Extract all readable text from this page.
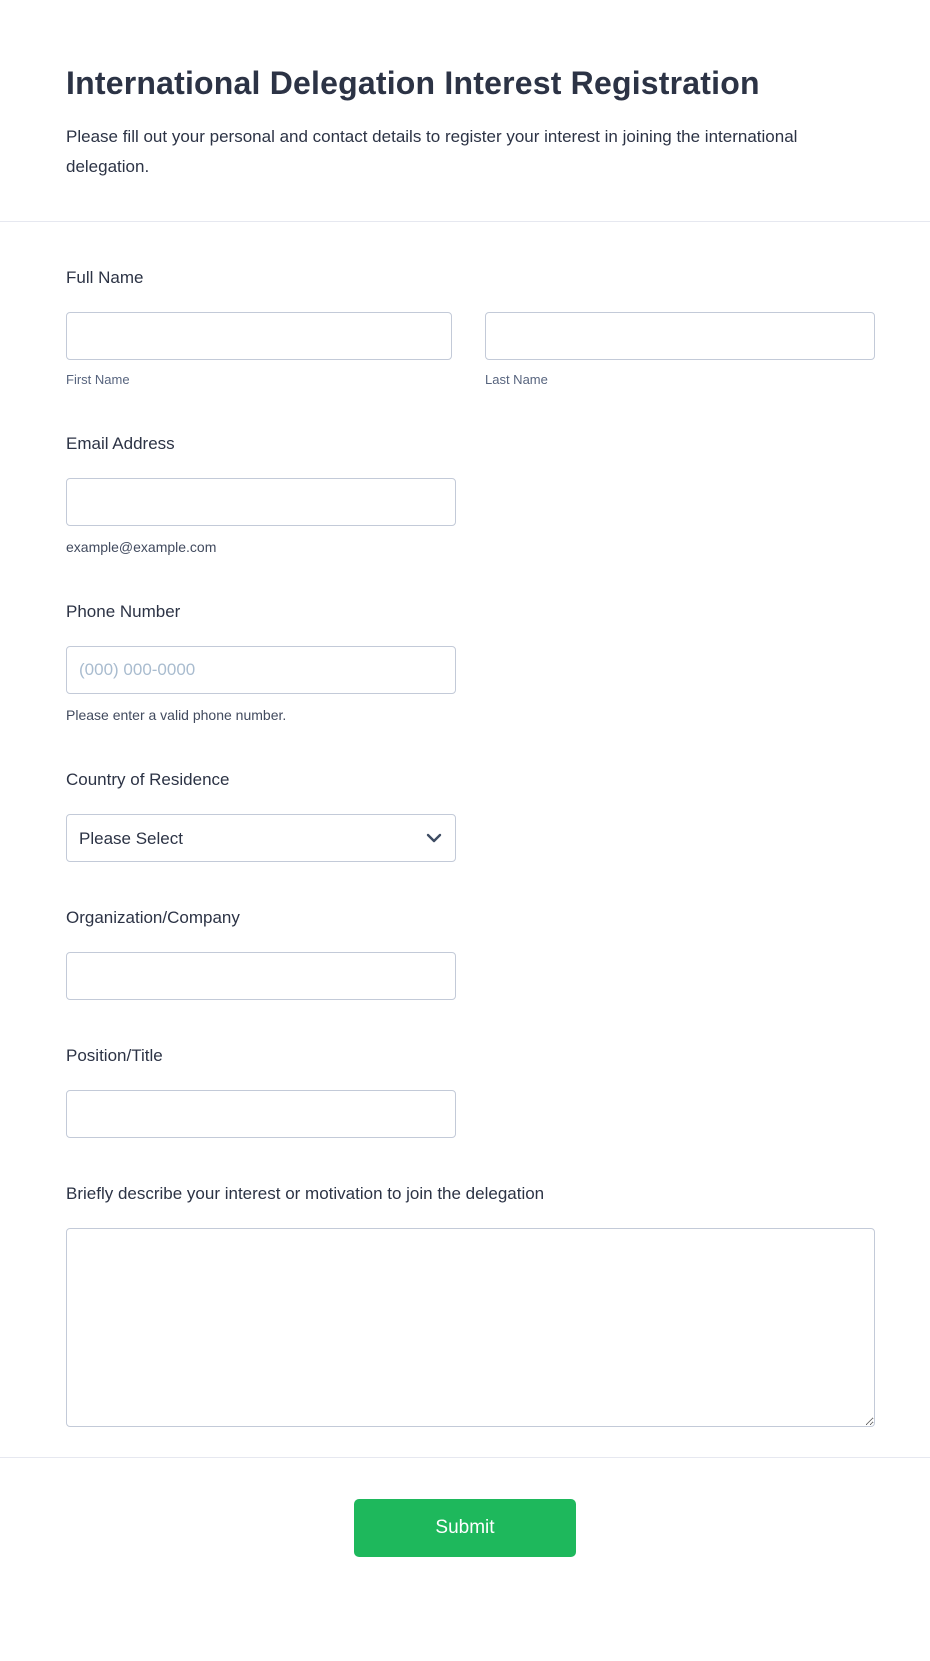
International Delegation Interest Registration

Please fill out your personal and contact details to register your interest in joining the international delegation.

Full Name
First Name	Last Name
Email Address
example@example.com
Phone Number
(000) 000-0000
Please enter a valid phone number.
Country of Residence
Please Select
Organization/Company
Position/Title
Briefly describe your interest or motivation to join the delegation
Submit
